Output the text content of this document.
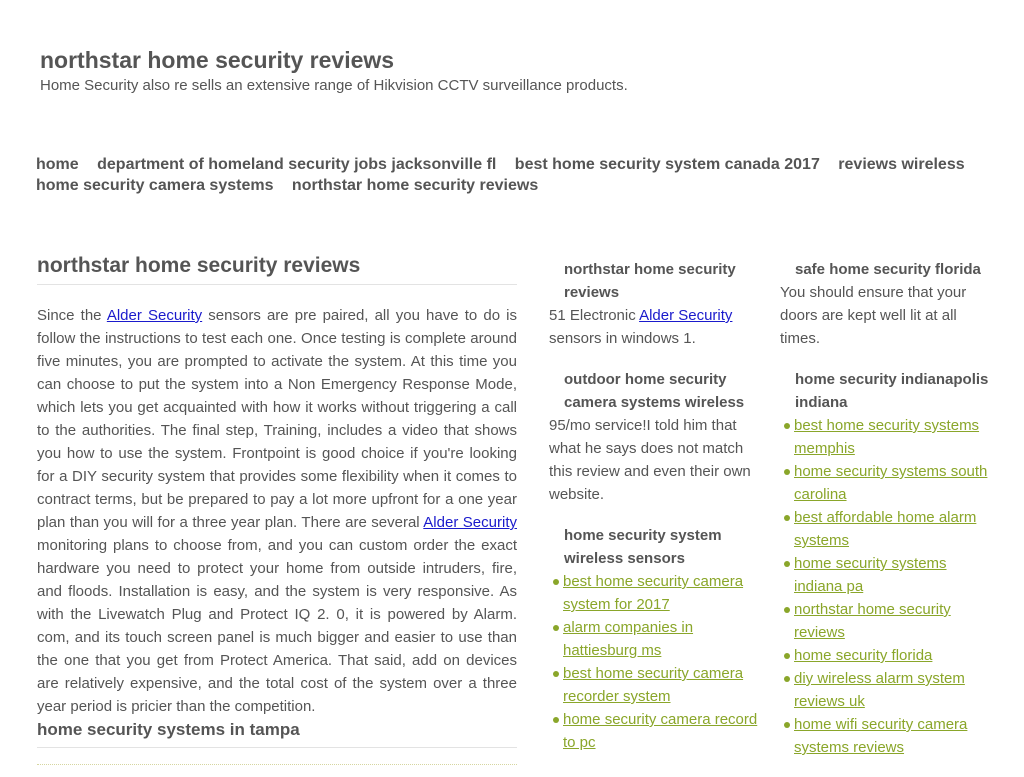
northstar home security reviews
Home Security also re sells an extensive range of Hikvision CCTV surveillance products.
home department of homeland security jobs jacksonville fl best home security system canada 2017 reviews wireless home security camera systems northstar home security reviews
northstar home security reviews

Since the Alder Security sensors are pre paired, all you have to do is follow the instructions to test each one. Once testing is complete around five minutes, you are prompted to activate the system. At this time you can choose to put the system into a Non Emergency Response Mode, which lets you get acquainted with how it works without triggering a call to the authorities. The final step, Training, includes a video that shows you how to use the system. Frontpoint is good choice if you're looking for a DIY security system that provides some flexibility when it comes to contract terms, but be prepared to pay a lot more upfront for a one year plan than you will for a three year plan. There are several Alder Security monitoring plans to choose from, and you can custom order the exact hardware you need to protect your home from outside intruders, fire, and floods. Installation is easy, and the system is very responsive. As with the Livewatch Plug and Protect IQ 2. 0, it is powered by Alarm. com, and its touch screen panel is much bigger and easier to use than the one that you get from Protect America. That said, add on devices are relatively expensive, and the total cost of the system over a three year period is pricier than the competition.

home security systems in tampa
northstar home security reviews

51 Electronic Alder Security sensors in windows 1.

outdoor home security camera systems wireless

95/mo service!I told him that what he says does not match this review and even their own website.

home security system wireless sensors
best home security camera system for 2017
alarm companies in hattiesburg ms
best home security camera recorder system
home security camera record to pc
safe home security florida

You should ensure that your doors are kept well lit at all times.

home security indianapolis indiana
best home security systems memphis
home security systems south carolina
best affordable home alarm systems
home security systems indiana pa
northstar home security reviews
home security florida
diy wireless alarm system reviews uk
home wifi security camera systems reviews
